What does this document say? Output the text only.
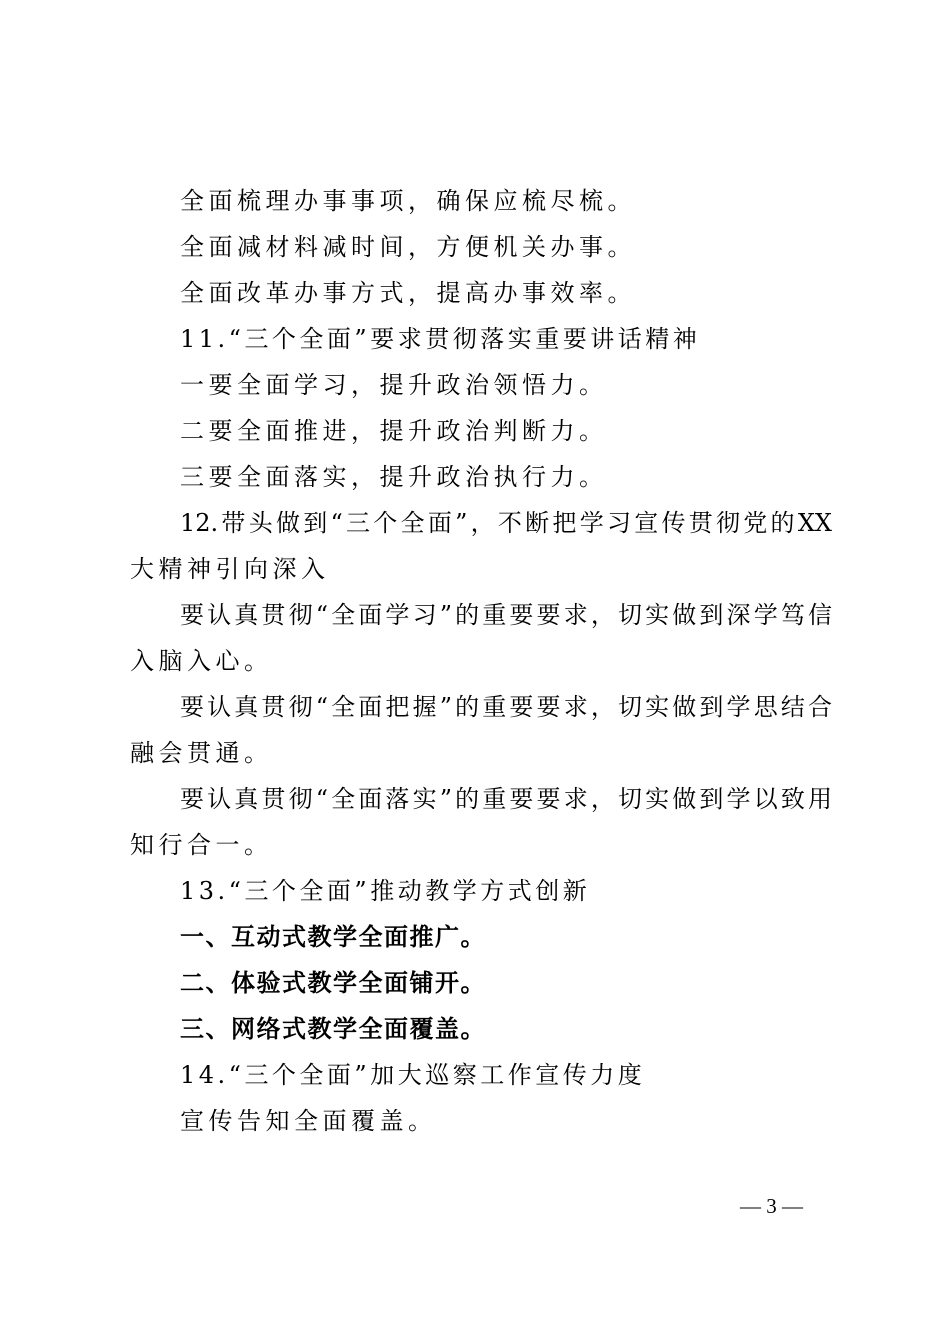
全面梳理办事事项，确保应梳尽梳。
全面减材料减时间，方便机关办事。
全面改革办事方式，提高办事效率。
11.“三个全面”要求贯彻落实重要讲话精神
一要全面学习，提升政治领悟力。
二要全面推进，提升政治判断力。
三要全面落实，提升政治执行力。
12.带头做到“三个全面”，不断把学习宣传贯彻党的XX
大精神引向深入
要认真贯彻“全面学习”的重要要求，切实做到深学笃信
入脑入心。
要认真贯彻“全面把握”的重要要求，切实做到学思结合
融会贯通。
要认真贯彻“全面落实”的重要要求，切实做到学以致用
知行合一。
13.“三个全面”推动教学方式创新
一、互动式教学全面推广。
二、体验式教学全面铺开。
三、网络式教学全面覆盖。
14.“三个全面”加大巡察工作宣传力度
宣传告知全面覆盖。
— 3 —
